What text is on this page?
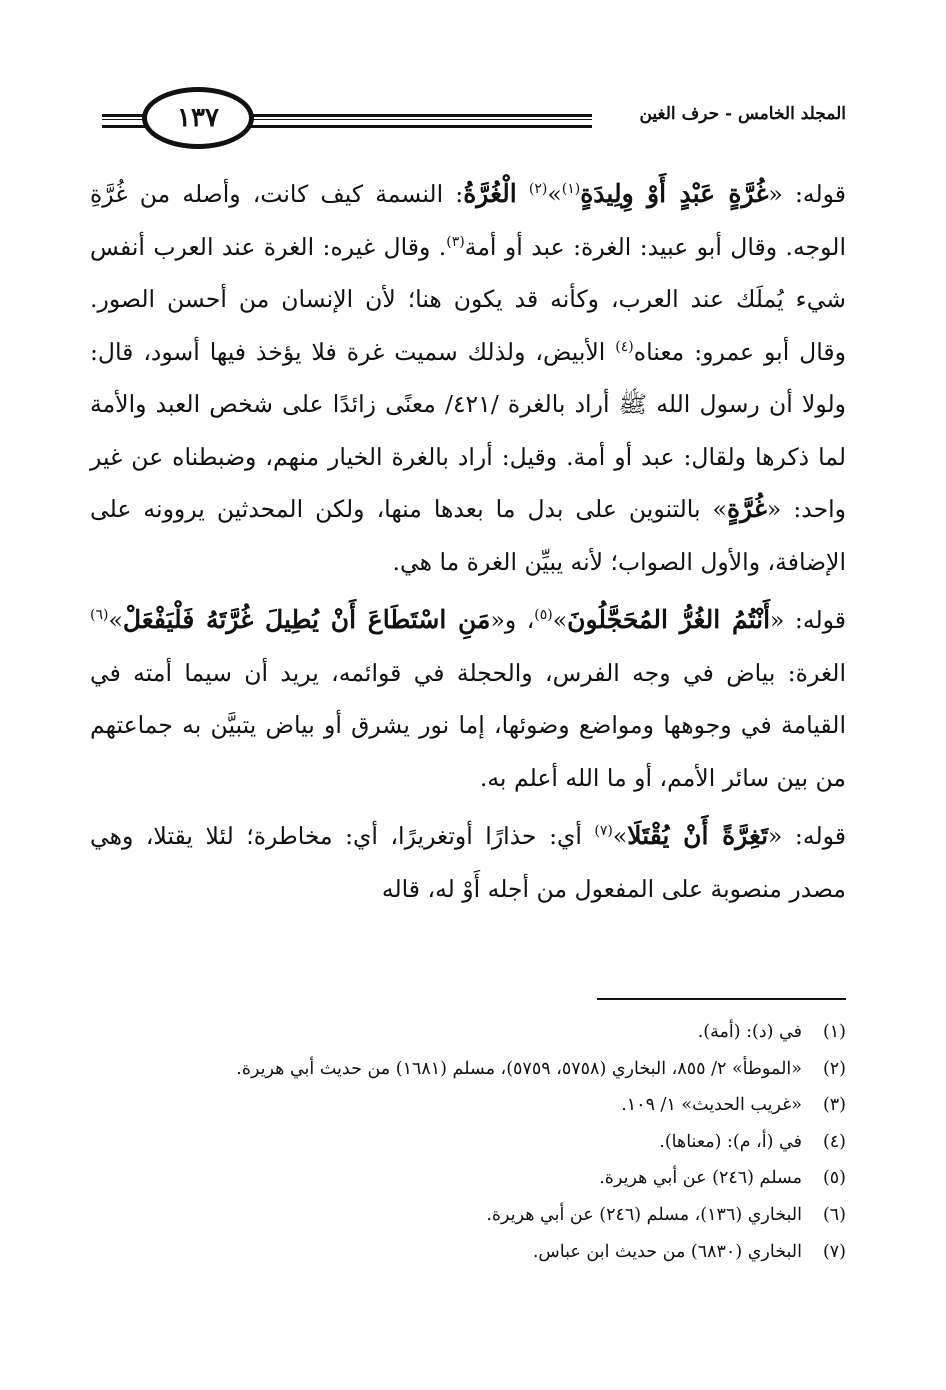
١٣٧	المجلد الخامس - حرف الغين

قوله: «غُرَّةٍ عَبْدٍ أَوْ وِلِيدَةٍ$^{(١)}$»$^{(٢)}$ الْغُرَّةُ: النسمة كيف كانت، وأصله من غُرَّةِ الوجه. وقال أبو عبيد: الغرة: عبد أو أمة$^{(٣)}$. وقال غيره: الغرة عند العرب أنفس شيء يُملَك عند العرب، وكأنه قد يكون هنا؛ لأن الإنسان من أحسن الصور. وقال أبو عمرو: معناه$^{(٤)}$ الأبيض، ولذلك سميت غرة فلا يؤخذ فيها أسود، قال: ولولا أن رسول الله ﷺ أراد بالغرة /٤٢١/ معنًى زائدًا على شخص العبد والأمة لما ذكرها ولقال: عبد أو أمة. وقيل: أراد بالغرة الخيار منهم، وضبطناه عن غير واحد: «غُرَّةٍ» بالتنوين على بدل ما بعدها منها، ولكن المحدثين يروونه على الإضافة، والأول الصواب؛ لأنه يبيِّن الغرة ما هي.

قوله: «أَنْتُمُ الغُرُّ المُحَجَّلُونَ»$^{(٥)}$، و«مَنِ اسْتَطَاعَ أَنْ يُطِيلَ غُرَّتَهُ فَلْيَفْعَلْ»$^{(٦)}$ الغرة: بياض في وجه الفرس، والحجلة في قوائمه، يريد أن سيما أمته في القيامة في وجوهها ومواضع وضوئها، إما نور يشرق أو بياض يتبيَّن به جماعتهم من بين سائر الأمم، أو ما الله أعلم به.

قوله: «تَغِرَّةً أَنْ يُقْتَلَا»$^{(٧)}$ أي: حذارًا أوتغريرًا، أي: مخاطرة؛ لئلا يقتلا، وهي مصدر منصوبة على المفعول من أجله أَوْ له، قاله

(١)في (د): (أمة).

(٢)«الموطأ» ٢/ ٨٥٥، البخاري (٥٧٥٨، ٥٧٥٩)، مسلم (١٦٨١) من حديث أبي هريرة.

(٣)«غريب الحديث» ١/ ١٠٩.

(٤)في (أ، م): (معناها).

(٥)مسلم (٢٤٦) عن أبي هريرة.

(٦)البخاري (١٣٦)، مسلم (٢٤٦) عن أبي هريرة.

(٧)البخاري (٦٨٣٠) من حديث ابن عباس.
